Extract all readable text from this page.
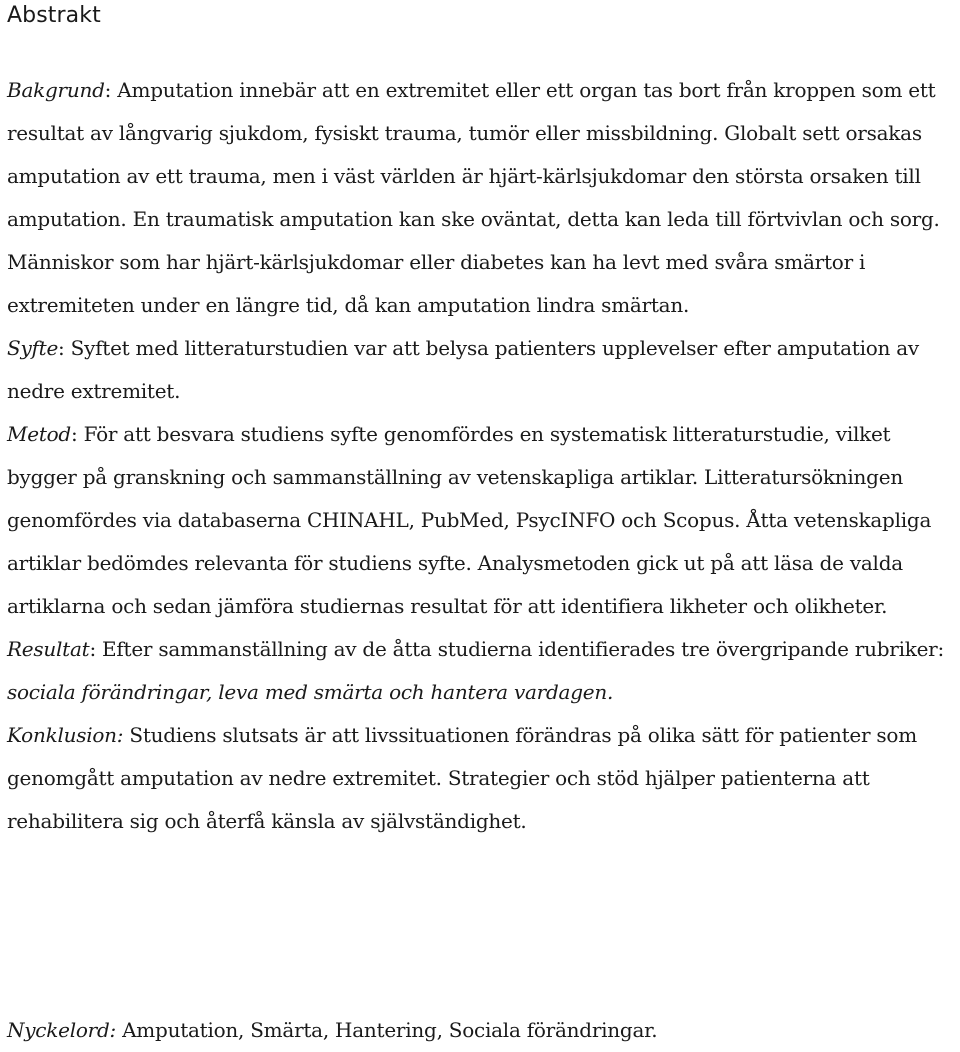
Abstrakt

Bakgrund: Amputation innebär att en extremitet eller ett organ tas bort från kroppen som ett resultat av långvarig sjukdom, fysiskt trauma, tumör eller missbildning. Globalt sett orsakas amputation av ett trauma, men i väst världen är hjärt-kärlsjukdomar den största orsaken till amputation. En traumatisk amputation kan ske oväntat, detta kan leda till förtvivlan och sorg. Människor som har hjärt-kärlsjukdomar eller diabetes kan ha levt med svåra smärtor i extremiteten under en längre tid, då kan amputation lindra smärtan.

Syfte: Syftet med litteraturstudien var att belysa patienters upplevelser efter amputation av nedre extremitet.

Metod: För att besvara studiens syfte genomfördes en systematisk litteraturstudie, vilket bygger på granskning och sammanställning av vetenskapliga artiklar. Litteratursökningen genomfördes via databaserna CHINAHL, PubMed, PsycINFO och Scopus. Åtta vetenskapliga artiklar bedömdes relevanta för studiens syfte. Analysmetoden gick ut på att läsa de valda artiklarna och sedan jämföra studiernas resultat för att identifiera likheter och olikheter.

Resultat: Efter sammanställning av de åtta studierna identifierades tre övergripande rubriker: sociala förändringar, leva med smärta och hantera vardagen.

Konklusion: Studiens slutsats är att livssituationen förändras på olika sätt för patienter som genomgått amputation av nedre extremitet. Strategier och stöd hjälper patienterna att rehabilitera sig och återfå känsla av självständighet.

Nyckelord: Amputation, Smärta, Hantering, Sociala förändringar.
